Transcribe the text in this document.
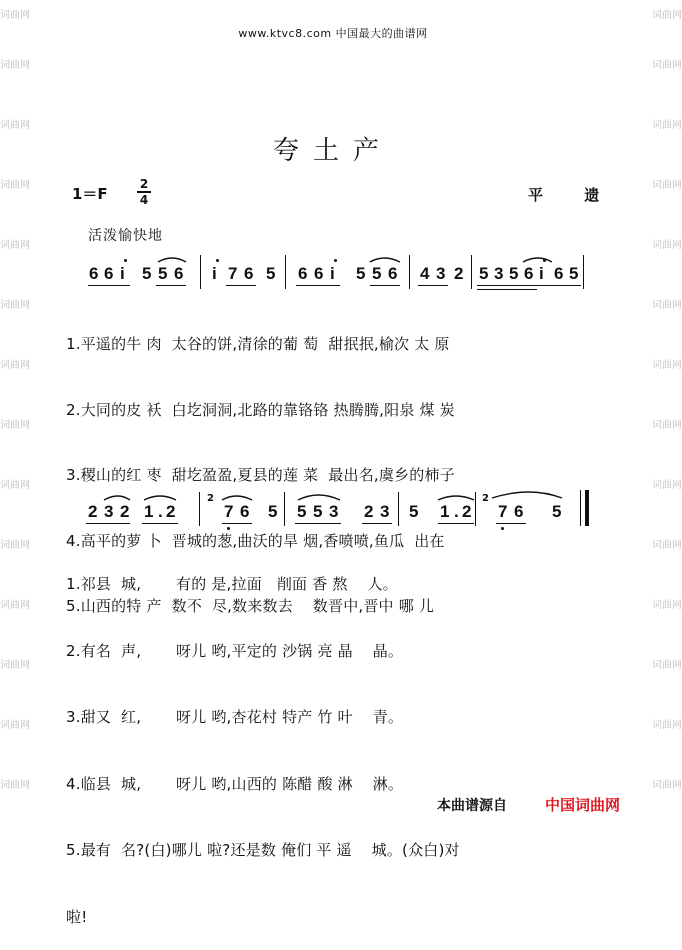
词曲网
词曲网
词曲网
词曲网
词曲网
词曲网
词曲网
词曲网
词曲网
词曲网
词曲网
词曲网
词曲网
词曲网
词曲网
词曲网
词曲网
词曲网
词曲网
词曲网
词曲网
词曲网
词曲网
词曲网
词曲网
词曲网
词曲网
词曲网
www.ktvc8.com 中国最大的曲谱网
夸土产
1＝F
2
4	平 遗
活泼愉快地

6

6

i

5

5

6

i

7

6

5

6

6

i

5

5

6

4

3

2

5

3

5

6

i

6

5

2

3

2

1

.

2

	7

6

5

5

5

3

2

3

5

1

.

2

7

6

5

2	2

1.平遥的牛 肉  太谷的饼,清徐的葡 萄  甜抿抿,榆次 太 原

2.大同的皮 袄  白圪洞洞,北路的靠铬铬 热腾腾,阳泉 煤 炭

3.稷山的红 枣  甜圪盈盈,夏县的莲 菜  最出名,虞乡的柿子

4.高平的萝 卜  晋城的葱,曲沃的旱 烟,香喷喷,鱼瓜  出在

5.山西的特 产  数不  尽,数来数去    数晋中,晋中 哪 儿

1.祁县  城,       有的 是,拉面   削面 香 熬    人。

2.有名  声,       呀儿 哟,平定的 沙锅 亮 晶    晶。

3.甜又  红,       呀儿 哟,杏花村 特产 竹 叶    青。

4.临县  城,       呀儿 哟,山西的 陈醋 酸 淋    淋。

5.最有  名?(白)哪儿 啦?还是数 俺们 平 遥    城。(众白)对

啦!

本曲谱源自	中国词曲网
